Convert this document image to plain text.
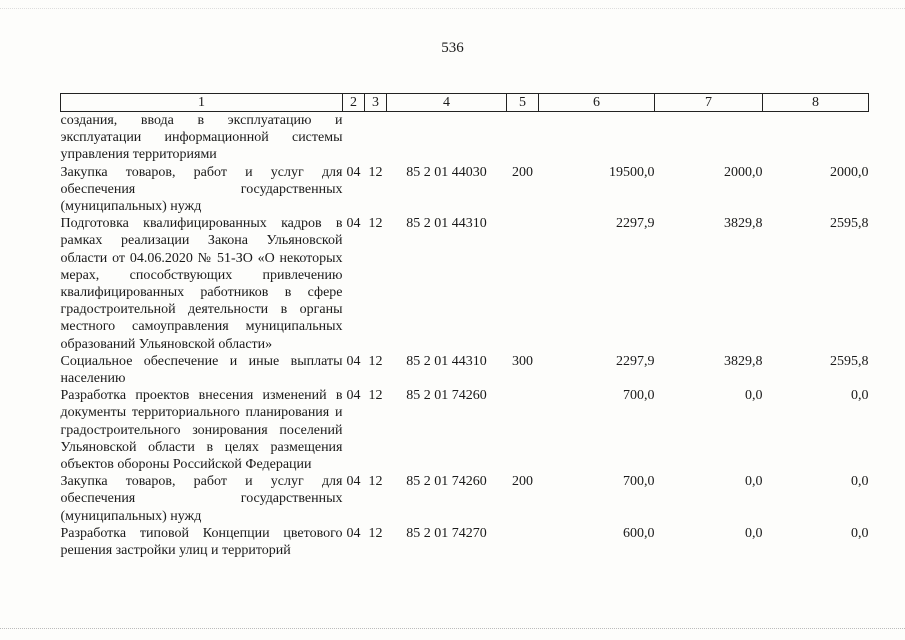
536
1	2	3	4	5	6	7	8
создания, ввода в эксплуатацию и эксплуатации информационной системы управления территориями							
Закупка товаров, работ и услуг для обеспечения государственных (муниципальных) нужд	04	12	85 2 01 44030	200	19500,0	2000,0	2000,0
Подготовка квалифицированных кадров в рамках реализации Закона Ульяновской области от 04.06.2020 № 51-ЗО «О некоторых мерах, способствующих привлечению квалифицированных работников в сфере градостроительной деятельности в органы местного самоуправления муниципальных образований Ульяновской области»	04	12	85 2 01 44310		2297,9	3829,8	2595,8
Социальное обеспечение и иные выплаты населению	04	12	85 2 01 44310	300	2297,9	3829,8	2595,8
Разработка проектов внесения изменений в документы территориального планирования и градостроительного зонирования поселений Ульяновской области в целях размещения объектов обороны Российской Федерации	04	12	85 2 01 74260		700,0	0,0	0,0
Закупка товаров, работ и услуг для обеспечения государственных (муниципальных) нужд	04	12	85 2 01 74260	200	700,0	0,0	0,0
Разработка типовой Концепции цветового решения застройки улиц и территорий	04	12	85 2 01 74270		600,0	0,0	0,0
